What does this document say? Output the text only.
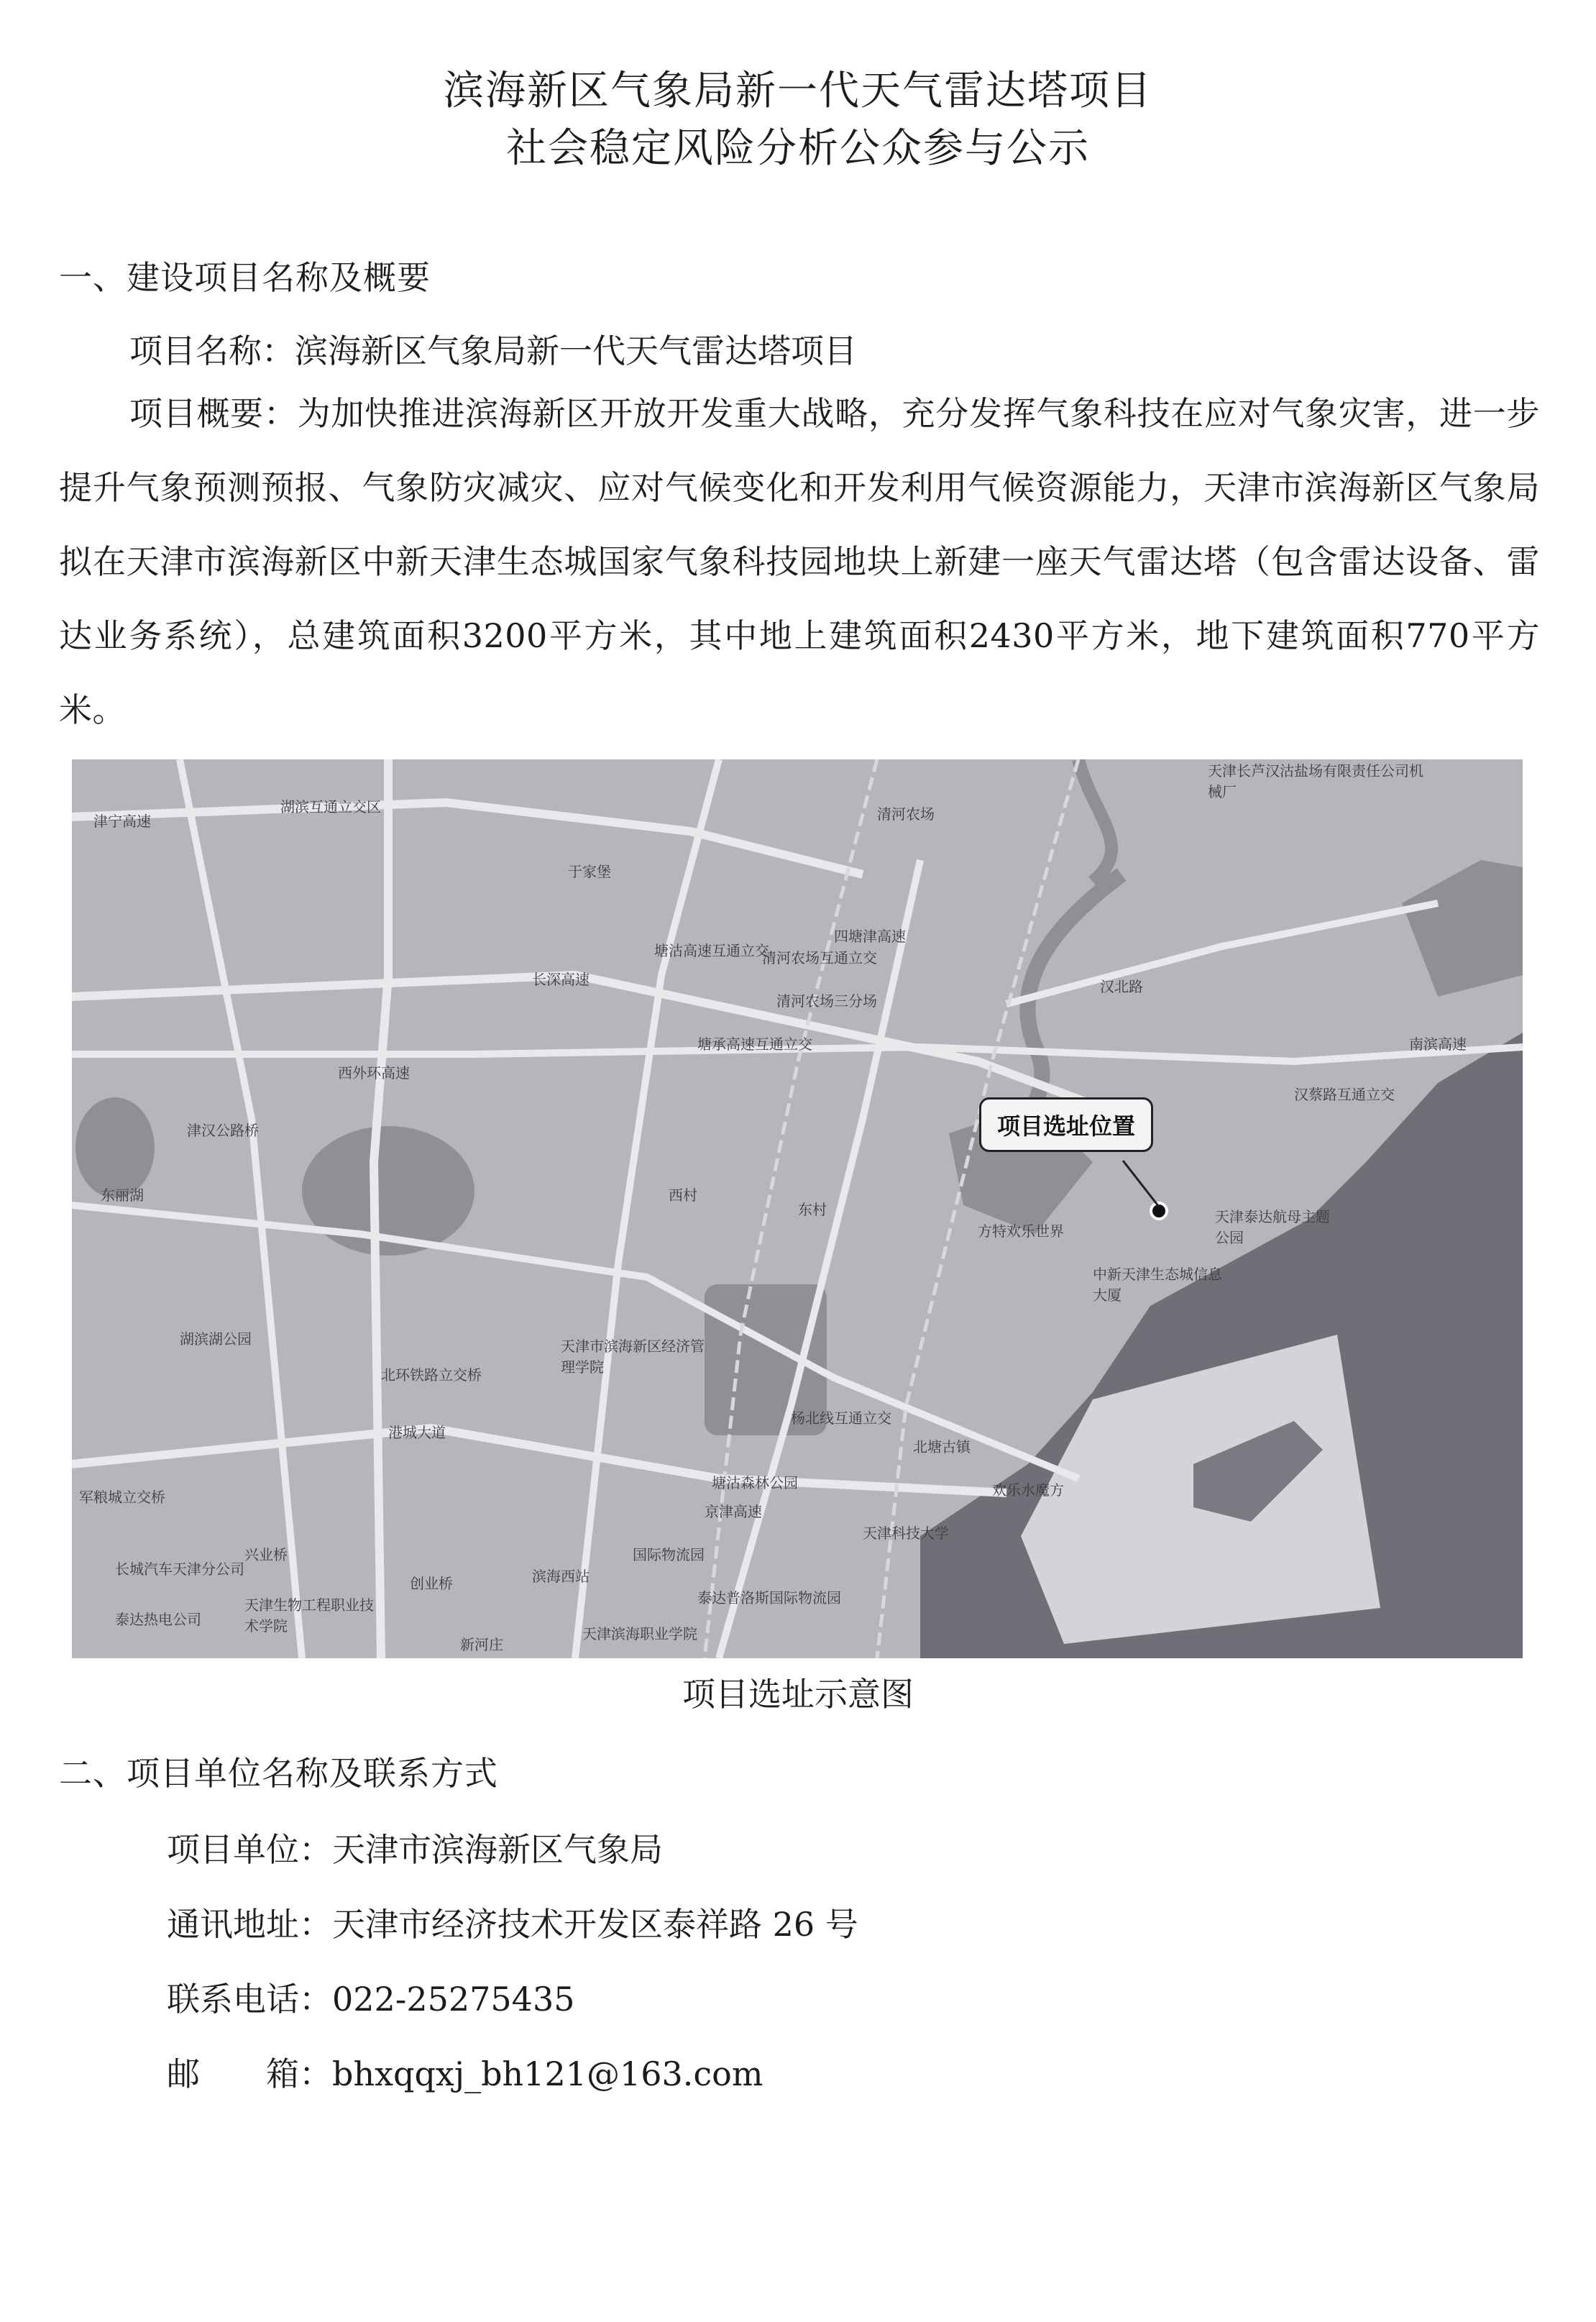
滨海新区气象局新一代天气雷达塔项目
社会稳定风险分析公众参与公示
一、建设项目名称及概要
项目名称：滨海新区气象局新一代天气雷达塔项目
项目概要：为加快推进滨海新区开放开发重大战略，充分发挥气象科技在应对气象灾害，进一步提升气象预测预报、气象防灾减灾、应对气候变化和开发利用气候资源能力，天津市滨海新区气象局拟在天津市滨海新区中新天津生态城国家气象科技园地块上新建一座天气雷达塔（包含雷达设备、雷达业务系统），总建筑面积3200平方米，其中地上建筑面积2430平方米，地下建筑面积770平方米。
项目选址位置
津宁高速
湖滨互通立交区
于家堡
清河农场
天津长芦汉沽盐场有限责任公司机械厂
四塘津高速
塘沽高速互通立交
清河农场互通立交
长深高速
清河农场三分场
汉北路
西外环高速
塘承高速互通立交
汉蔡路互通立交
南滨高速
津汉公路桥
东丽湖	西村
东村
方特欢乐世界
中新天津生态城信息大厦
天津泰达航母主题公园
湖滨湖公园
北环铁路立交桥
天津市滨海新区经济管理学院
杨北线互通立交
北塘古镇
港城大道
京津高速
塘沽森林公园	欢乐水魔方
天津科技大学
兴业桥
创业桥	滨海西站
天津生物工程职业技术学院
泰达热电公司
国际物流园
泰达普洛斯国际物流园
天津滨海职业学院
新河庄
长城汽车天津分公司
军粮城立交桥
项目选址示意图
二、项目单位名称及联系方式
项目单位：天津市滨海新区气象局
通讯地址：天津市经济技术开发区泰祥路 26 号
联系电话：022-25275435
邮　　箱：bhxqqxj_bh121@163.com
